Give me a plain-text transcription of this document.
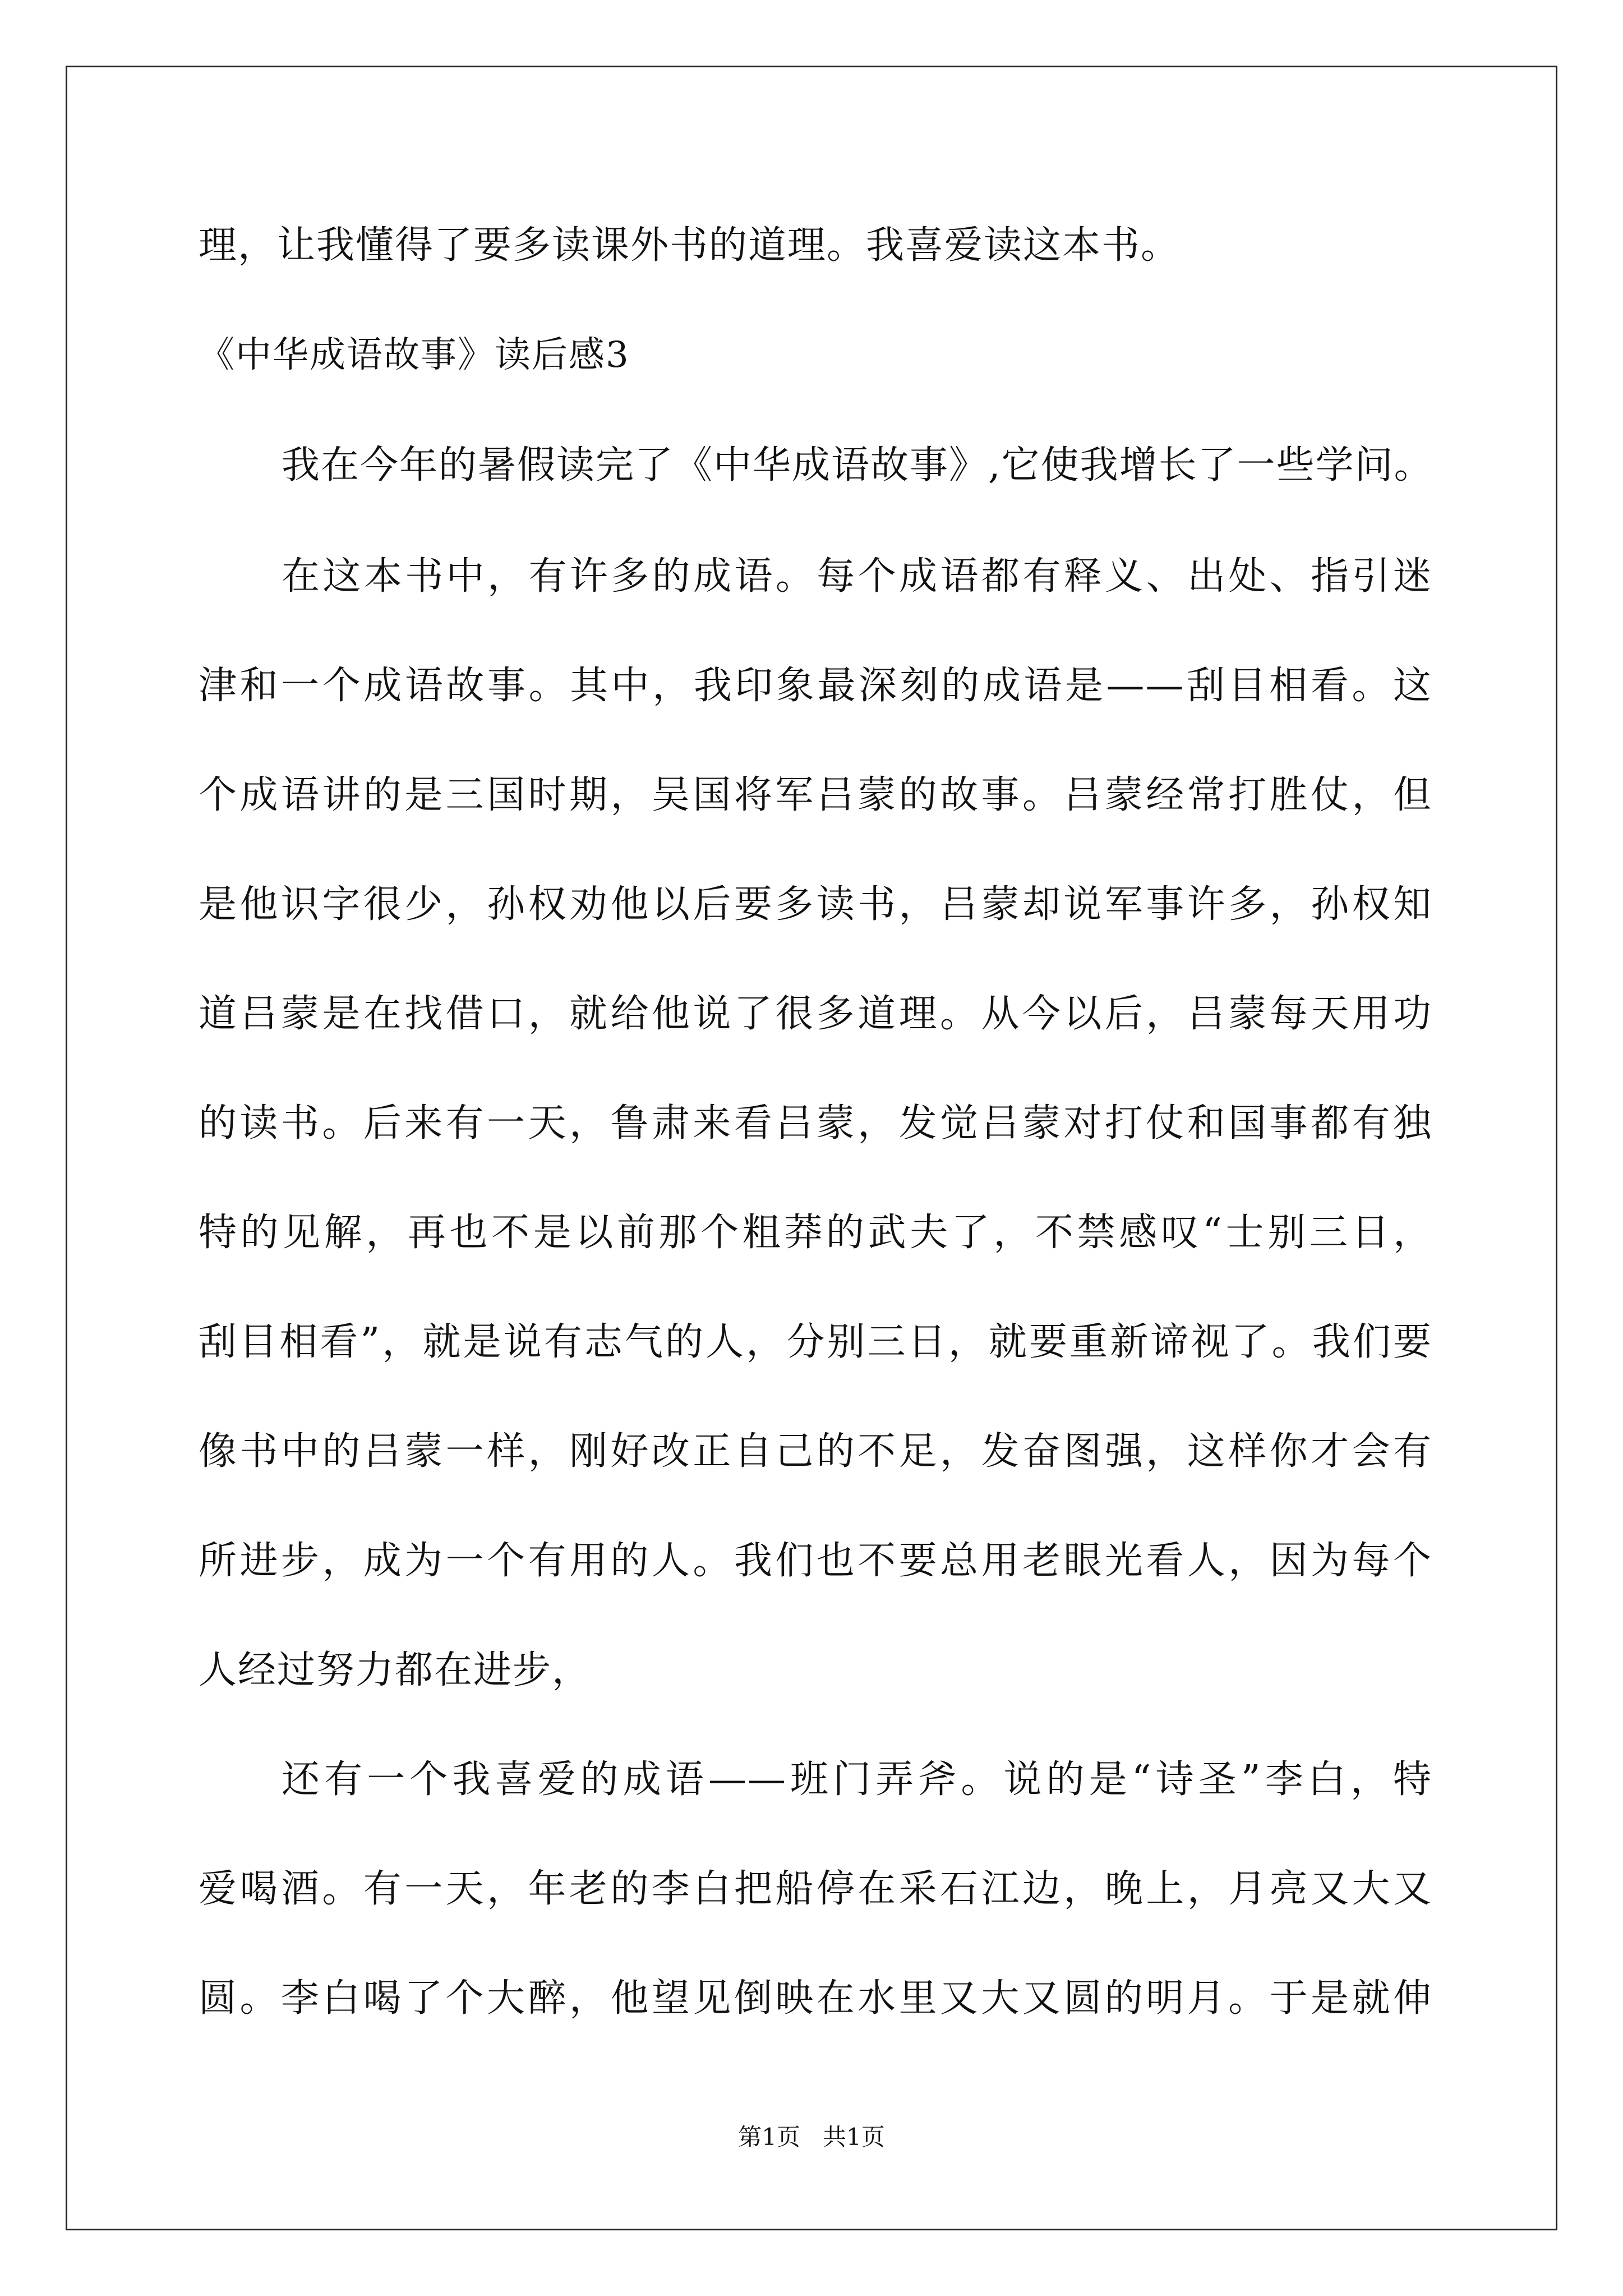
理，让我懂得了要多读课外书的道理。我喜爱读这本书。
《中华成语故事》读后感3
我在今年的暑假读完了《中华成语故事》,它使我增长了一些学问。
在这本书中，有许多的成语。每个成语都有释义、出处、指引迷
津和一个成语故事。其中，我印象最深刻的成语是——刮目相看。这
个成语讲的是三国时期，吴国将军吕蒙的故事。吕蒙经常打胜仗，但
是他识字很少，孙权劝他以后要多读书，吕蒙却说军事许多，孙权知
道吕蒙是在找借口，就给他说了很多道理。从今以后，吕蒙每天用功
的读书。后来有一天，鲁肃来看吕蒙，发觉吕蒙对打仗和国事都有独
特的见解，再也不是以前那个粗莽的武夫了，不禁感叹“士别三日，
刮目相看”，就是说有志气的人，分别三日，就要重新谛视了。我们要
像书中的吕蒙一样，刚好改正自己的不足，发奋图强，这样你才会有
所进步，成为一个有用的人。我们也不要总用老眼光看人，因为每个
人经过努力都在进步，
还有一个我喜爱的成语——班门弄斧。说的是“诗圣”李白，特
爱喝酒。有一天，年老的李白把船停在采石江边，晚上，月亮又大又
圆。李白喝了个大醉，他望见倒映在水里又大又圆的明月。于是就伸
第1页   共1页
